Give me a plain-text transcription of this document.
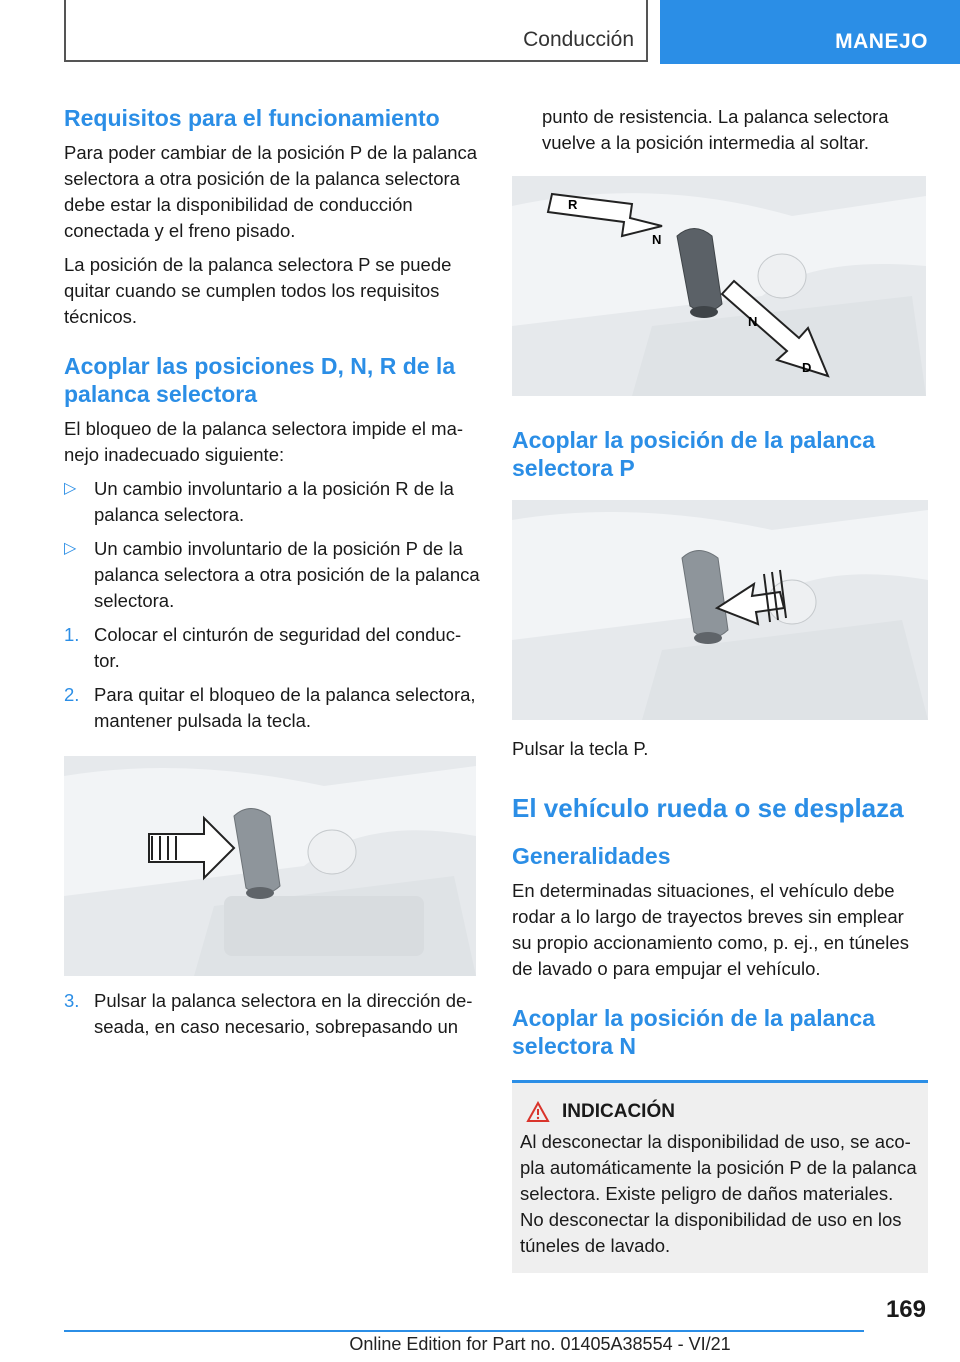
Conducción	MANEJO
Requisitos para el funcionamiento

Para poder cambiar de la posición P de la palanca selectora a otra posición de la palanca selectora debe estar la disponibilidad de conducción conectada y el freno pisado.

La posición de la palanca selectora P se puede quitar cuando se cumplen todos los requisitos técnicos.

Acoplar las posiciones D, N, R de la palanca selectora

El bloqueo de la palanca selectora impide el manejo inadecuado siguiente:

▷ Un cambio involuntario a la posición R de la palanca selectora.
▷ Un cambio involuntario de la posición P de la palanca selectora a otra posición de la palanca selectora.
1. Colocar el cinturón de seguridad del conductor.
2. Para quitar el bloqueo de la palanca selectora, mantener pulsada la tecla.
3. Pulsar la palanca selectora en la dirección deseada, en caso necesario, sobrepasando un

punto de resistencia. La palanca selectora vuelve a la posición intermedia al soltar.

R
N
N
D
Acoplar la posición de la palanca selectora P

Pulsar la tecla P.

El vehículo rueda o se desplaza
Generalidades

En determinadas situaciones, el vehículo debe rodar a lo largo de trayectos breves sin emplear su propio accionamiento como, p. ej., en túneles de lavado o para empujar el vehículo.

Acoplar la posición de la palanca selectora N
INDICACIÓN

Al desconectar la disponibilidad de uso, se acopla automáticamente la posición P de la palanca selectora. Existe peligro de daños materiales. No desconectar la disponibilidad de uso en los túneles de lavado.

169
Online Edition for Part no. 01405A38554 - VI/21
